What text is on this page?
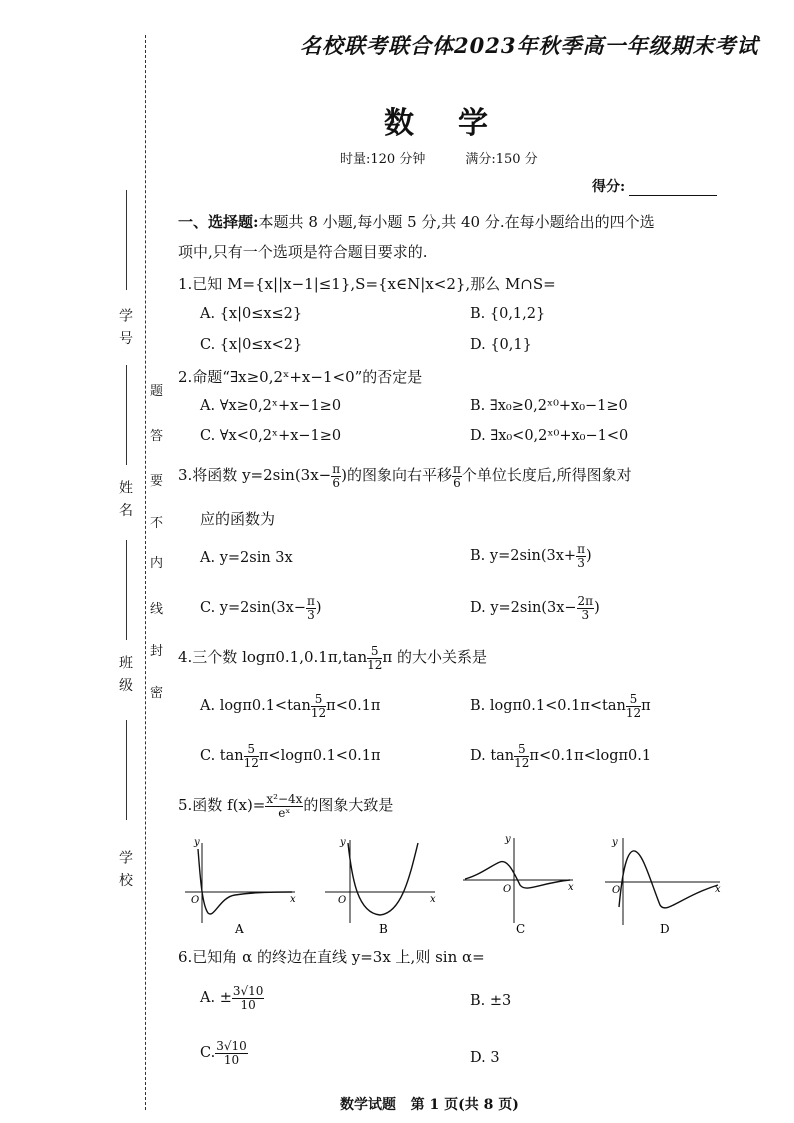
名校联考联合体2023年秋季高一年级期末考试
数学
时量:120 分钟	满分:150 分
得分:
学 号
姓 名
班 级
学 校
题
答
要
不
内
线
封
密
一、选择题:本题共 8 小题,每小题 5 分,共 40 分.在每小题给出的四个选
项中,只有一个选项是符合题目要求的.
1.已知 M={x||x−1|≤1},S={x∈N|x<2},那么 M∩S=
A. {x|0≤x≤2}	B. {0,1,2}
C. {x|0≤x<2}	D. {0,1}
2.命题“∃x≥0,2ˣ+x−1<0”的否定是
A. ∀x≥0,2ˣ+x−1≥0	B. ∃x₀≥0,2ˣ⁰+x₀−1≥0
C. ∀x<0,2ˣ+x−1≥0	D. ∃x₀<0,2ˣ⁰+x₀−1<0
3.将函数 $y=2\sin(3x- \frac{\pi}{6}$ )的图象向右平移 $\frac{\pi}{6}$ 个单位长度后,所得图象对
应的函数为
A. y=2sin 3x	B. $y=2\sin(3x+ \frac{\pi}{3}$ )
C. $y=2\sin(3x- \frac{\pi}{3}$ )	D. $y=2\sin(3x- \frac{2\pi}{3}$ )
4.三个数 $\log\pi 0.1,0.1\pi,\tan \frac{5}{12}$ π 的大小关系是
A. $\log\pi 0.1<\tan \frac{5}{12} \pi<0.1\pi$	B. $\log\pi 0.1<0.1\pi<\tan \frac{5}{12}$ π
C. $\tan \frac{5}{12} \pi<\log\pi 0.1<0.1\pi$	D. $\tan \frac{5}{12} \pi<0.1\pi<\log\pi 0.1$
5.函数 $f(x)= \frac{\text{x²−4x}}{\text{eˣ}}$ 的图象大致是
y
x
O
A
y
x
O
B
y
x
O
C
y
x
O
D
6.已知角 α 的终边在直线 y=3x 上,则 sin α=
A. ± $\frac{3√10}{10}$	B. ±3
C. $\frac{3√10}{10}$	D. 3
数学试题   第 1 页(共 8 页)
